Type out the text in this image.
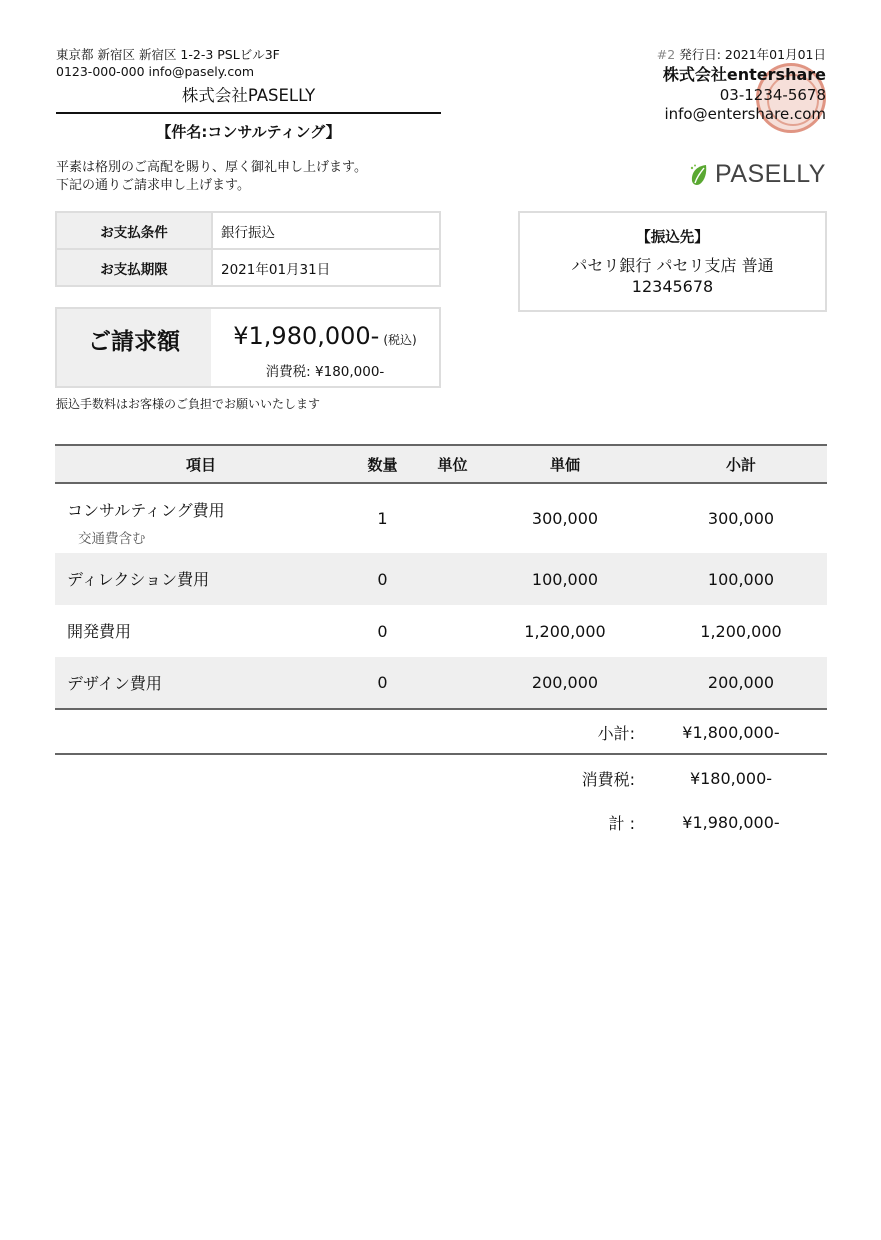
東京都 新宿区 新宿区 1-2-3 PSLビル3F
0123-000-000 info@pasely.com
株式会社PASELLY
【件名:コンサルティング】
平素は格別のご高配を賜り、厚く御礼申し上げます。
下記の通りご請求申し上げます。
#2 発行日: 2021年01月01日
株式会社entershare
03-1234-5678
info@entershare.com
PASELLY
お支払条件	銀行振込
お支払期限	2021年01月31日
ご請求額	¥1,980,000- (税込)
消費税: ¥180,000-
振込手数料はお客様のご負担でお願いいたします
【振込先】
パセリ銀行 パセリ支店 普通
12345678
項目	数量	単位	単価	小計

コンサルティング費用
交通費含む	1		300,000	300,000
ディレクション費用	0		100,000	100,000
開発費用	0		1,200,000	1,200,000
デザイン費用	0		200,000	200,000
小計:	¥1,800,000-
消費税:	¥180,000-
計 :	¥1,980,000-
